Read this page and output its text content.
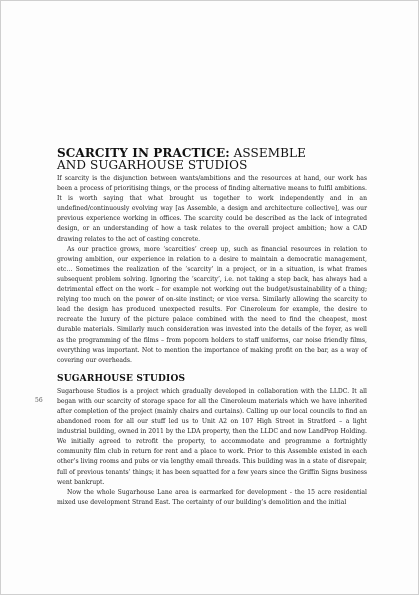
56
SCARCITY IN PRACTICE: ASSEMBLE
AND SUGARHOUSE STUDIOS

If scarcity is the disjunction between wants/ambitions and the resources at hand, our work has been a process of prioritising things, or the process of finding alternative means to fulfil ambitions. It is worth saying that what brought us together to work independently and in an undefined/continuously evolving way [as Assemble, a design and architecture collective], was our previous experience working in offices. The scarcity could be described as the lack of integrated design, or an understanding of how a task relates to the overall project ambition; how a CAD drawing relates to the act of casting concrete.

As our practice grows, more ‘scarcities’ creep up, such as financial resources in relation to growing ambition, our experience in relation to a desire to maintain a democratic management, etc... Sometimes the realization of the ‘scarcity’ in a project, or in a situation, is what frames subsequent problem solving. Ignoring the ‘scarcity’, i.e. not taking a step back, has always had a detrimental effect on the work – for example not working out the budget/sustainability of a thing; relying too much on the power of on-site instinct; or vice versa. Similarly allowing the scarcity to lead the design has produced unexpected results. For Cineroleum for example, the desire to recreate the luxury of the picture palace combined with the need to find the cheapest, most durable materials. Similarly much consideration was invested into the details of the foyer, as well as the programming of the films – from popcorn holders to staff uniforms, car noise friendly films, everything was important. Not to mention the importance of making profit on the bar, as a way of covering our overheads.

SUGARHOUSE STUDIOS

Sugarhouse Studios is a project which gradually developed in collaboration with the LLDC. It all began with our scarcity of storage space for all the Cineroleum materials which we have inherited after completion of the project (mainly chairs and curtains). Calling up our local councils to find an abandoned room for all our stuff led us to Unit A2 on 107 High Street in Stratford – a light industrial building, owned in 2011 by the LDA property, then the LLDC and now LandProp Holding. We initially agreed to retrofit the property, to accommodate and programme a fortnightly community film club in return for rent and a place to work. Prior to this Assemble existed in each other’s living rooms and pubs or via lengthy email threads. This building was in a state of disrepair, full of previous tenants’ things; it has been squatted for a few years since the Griffin Signs business went bankrupt.

Now the whole Sugarhouse Lane area is earmarked for development - the 15 acre residential mixed use development Strand East. The certainty of our building’s demolition and the initial
